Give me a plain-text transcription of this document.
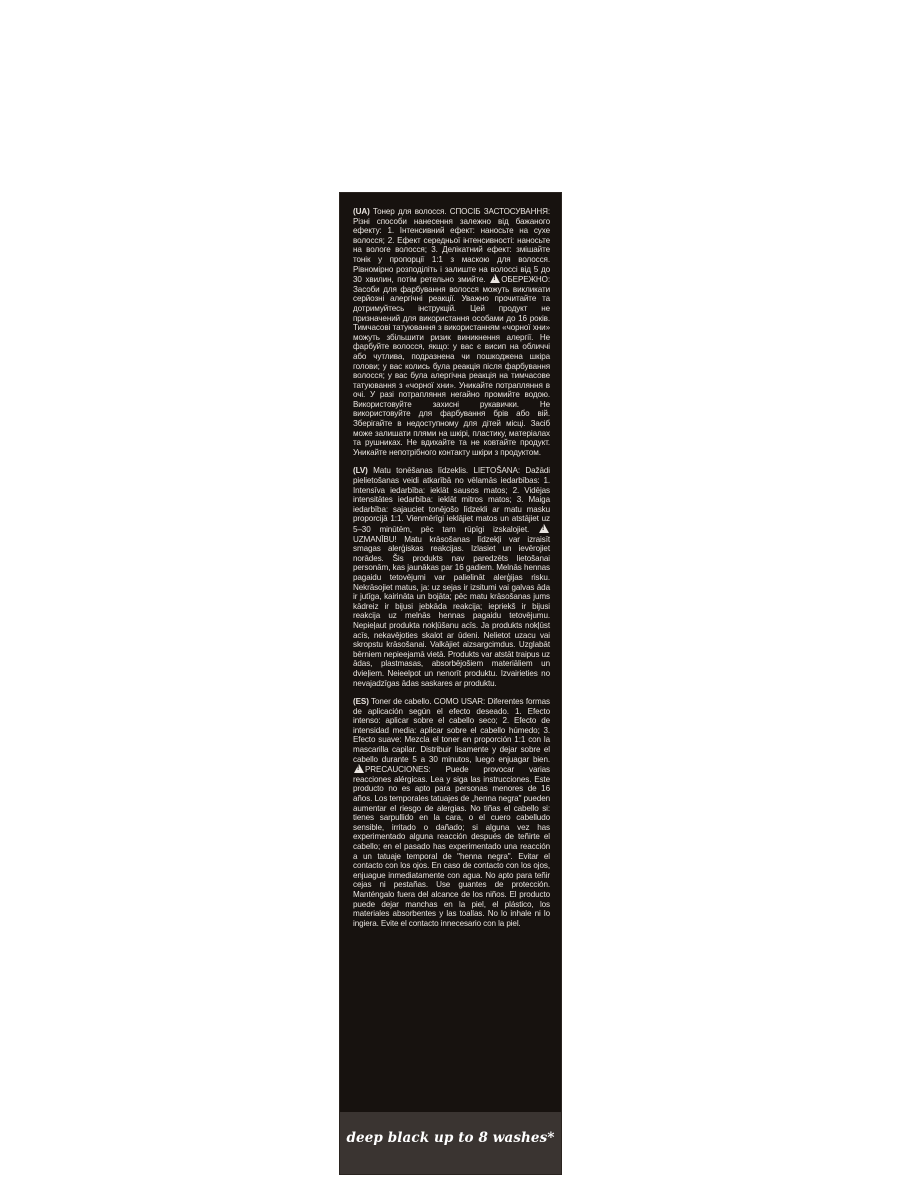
(UA) Тонер для волосся. СПОСІБ ЗАСТОСУВАННЯ: Різні способи нанесення залежно від бажаного ефекту: 1. Інтенсивний ефект: наносьте на сухе волосся; 2. Ефект середньої інтенсивності: наносьте на вологе волосся; 3. Делікатний ефект: змішайте тонік у пропорції 1:1 з маскою для волосся. Рівномірно розподіліть і залиште на волоссі від 5 до 30 хвилин, потім ретельно змийте. ! ОБЕРЕЖНО: Засоби для фарбування волосся можуть викликати серйозні алергічні реакції. Уважно прочитайте та дотримуйтесь інструкцій. Цей продукт не призначений для використання особами до 16 років. Тимчасові татуювання з використанням «чорної хни» можуть збільшити ризик виникнення алергії. Не фарбуйте волосся, якщо: у вас є висип на обличчі або чутлива, подразнена чи пошкоджена шкіра голови; у вас колись була реакція після фарбування волосся; у вас була алергічна реакція на тимчасове татуювання з «чорної хни». Уникайте потрапляння в очі. У разі потрапляння негайно промийте водою. Використовуйте захисні рукавички. Не використовуйте для фарбування брів або вій. Зберігайте в недоступному для дітей місці. Засіб може залишати плями на шкірі, пластику, матеріалах та рушниках. Не вдихайте та не ковтайте продукт. Уникайте непотрібного контакту шкіри з продуктом.

(LV) Matu tonēšanas līdzeklis. LIETOŠANA: Dažādi pielietošanas veidi atkarībā no vēlamās iedarbības: 1. Intensīva iedarbība: ieklāt sausos matos; 2. Vidējas intensitātes iedarbība: ieklāt mitros matos; 3. Maiga iedarbība: sajauciet tonējošo līdzekli ar matu masku proporcijā 1:1. Vienmērīgi ieklājiet matos un atstājiet uz 5–30 minūtēm, pēc tam rūpīgi izskalojiet. !UZMANĪBU! Matu krāsošanas līdzekļi var izraisīt smagas alerģiskas reakcijas. Izlasiet un ievērojiet norādes. Šis produkts nav paredzēts lietošanai personām, kas jaunākas par 16 gadiem. Melnās hennas pagaidu tetovējumi var palielināt alerģijas risku. Nekrāsojiet matus, ja: uz sejas ir izsitumi vai galvas āda ir jutīga, kairināta un bojāta; pēc matu krāsošanas jums kādreiz ir bijusi jebkāda reakcija; iepriekš ir bijusi reakcija uz melnās hennas pagaidu tetovējumu. Nepieļaut produkta nokļūšanu acīs. Ja produkts nokļūst acīs, nekavējoties skalot ar ūdeni. Nelietot uzacu vai skropstu krāsošanai. Valkājiet aizsargcimdus. Uzglabāt bērniem nepieejamā vietā. Produkts var atstāt traipus uz ādas, plastmasas, absorbējošiem materiāliem un dvieļiem. Neieelpot un nenorīt produktu. Izvairieties no nevajadzīgas ādas saskares ar produktu.

(ES) Toner de cabello. COMO USAR: Diferentes formas de aplicación según el efecto deseado. 1. Efecto intenso: aplicar sobre el cabello seco; 2. Efecto de intensidad media: aplicar sobre el cabello húmedo; 3. Efecto suave: Mezcla el toner en proporción 1:1 con la mascarilla capilar. Distribuir lisamente y dejar sobre el cabello durante 5 a 30 minutos, luego enjuagar bien. !PRECAUCIONES: Puede provocar varias reacciones alérgicas. Lea y siga las instrucciones. Este producto no es apto para personas menores de 16 años. Los temporales tatuajes de „henna negra" pueden aumentar el riesgo de alergias. No tiñas el cabello si: tienes sarpullido en la cara, o el cuero cabelludo sensible, irritado o dañado; si alguna vez has experimentado alguna reacción después de teñirte el cabello; en el pasado has experimentado una reacción a un tatuaje temporal de "henna negra". Evitar el contacto con los ojos. En caso de contacto con los ojos, enjuague inmediatamente con agua. No apto para teñir cejas ni pestañas. Use guantes de protección. Manténgalo fuera del alcance de los niños. El producto puede dejar manchas en la piel, el plástico, los materiales absorbentes y las toallas. No lo inhale ni lo ingiera. Evite el contacto innecesario con la piel.

deep black up to 8 washes*
